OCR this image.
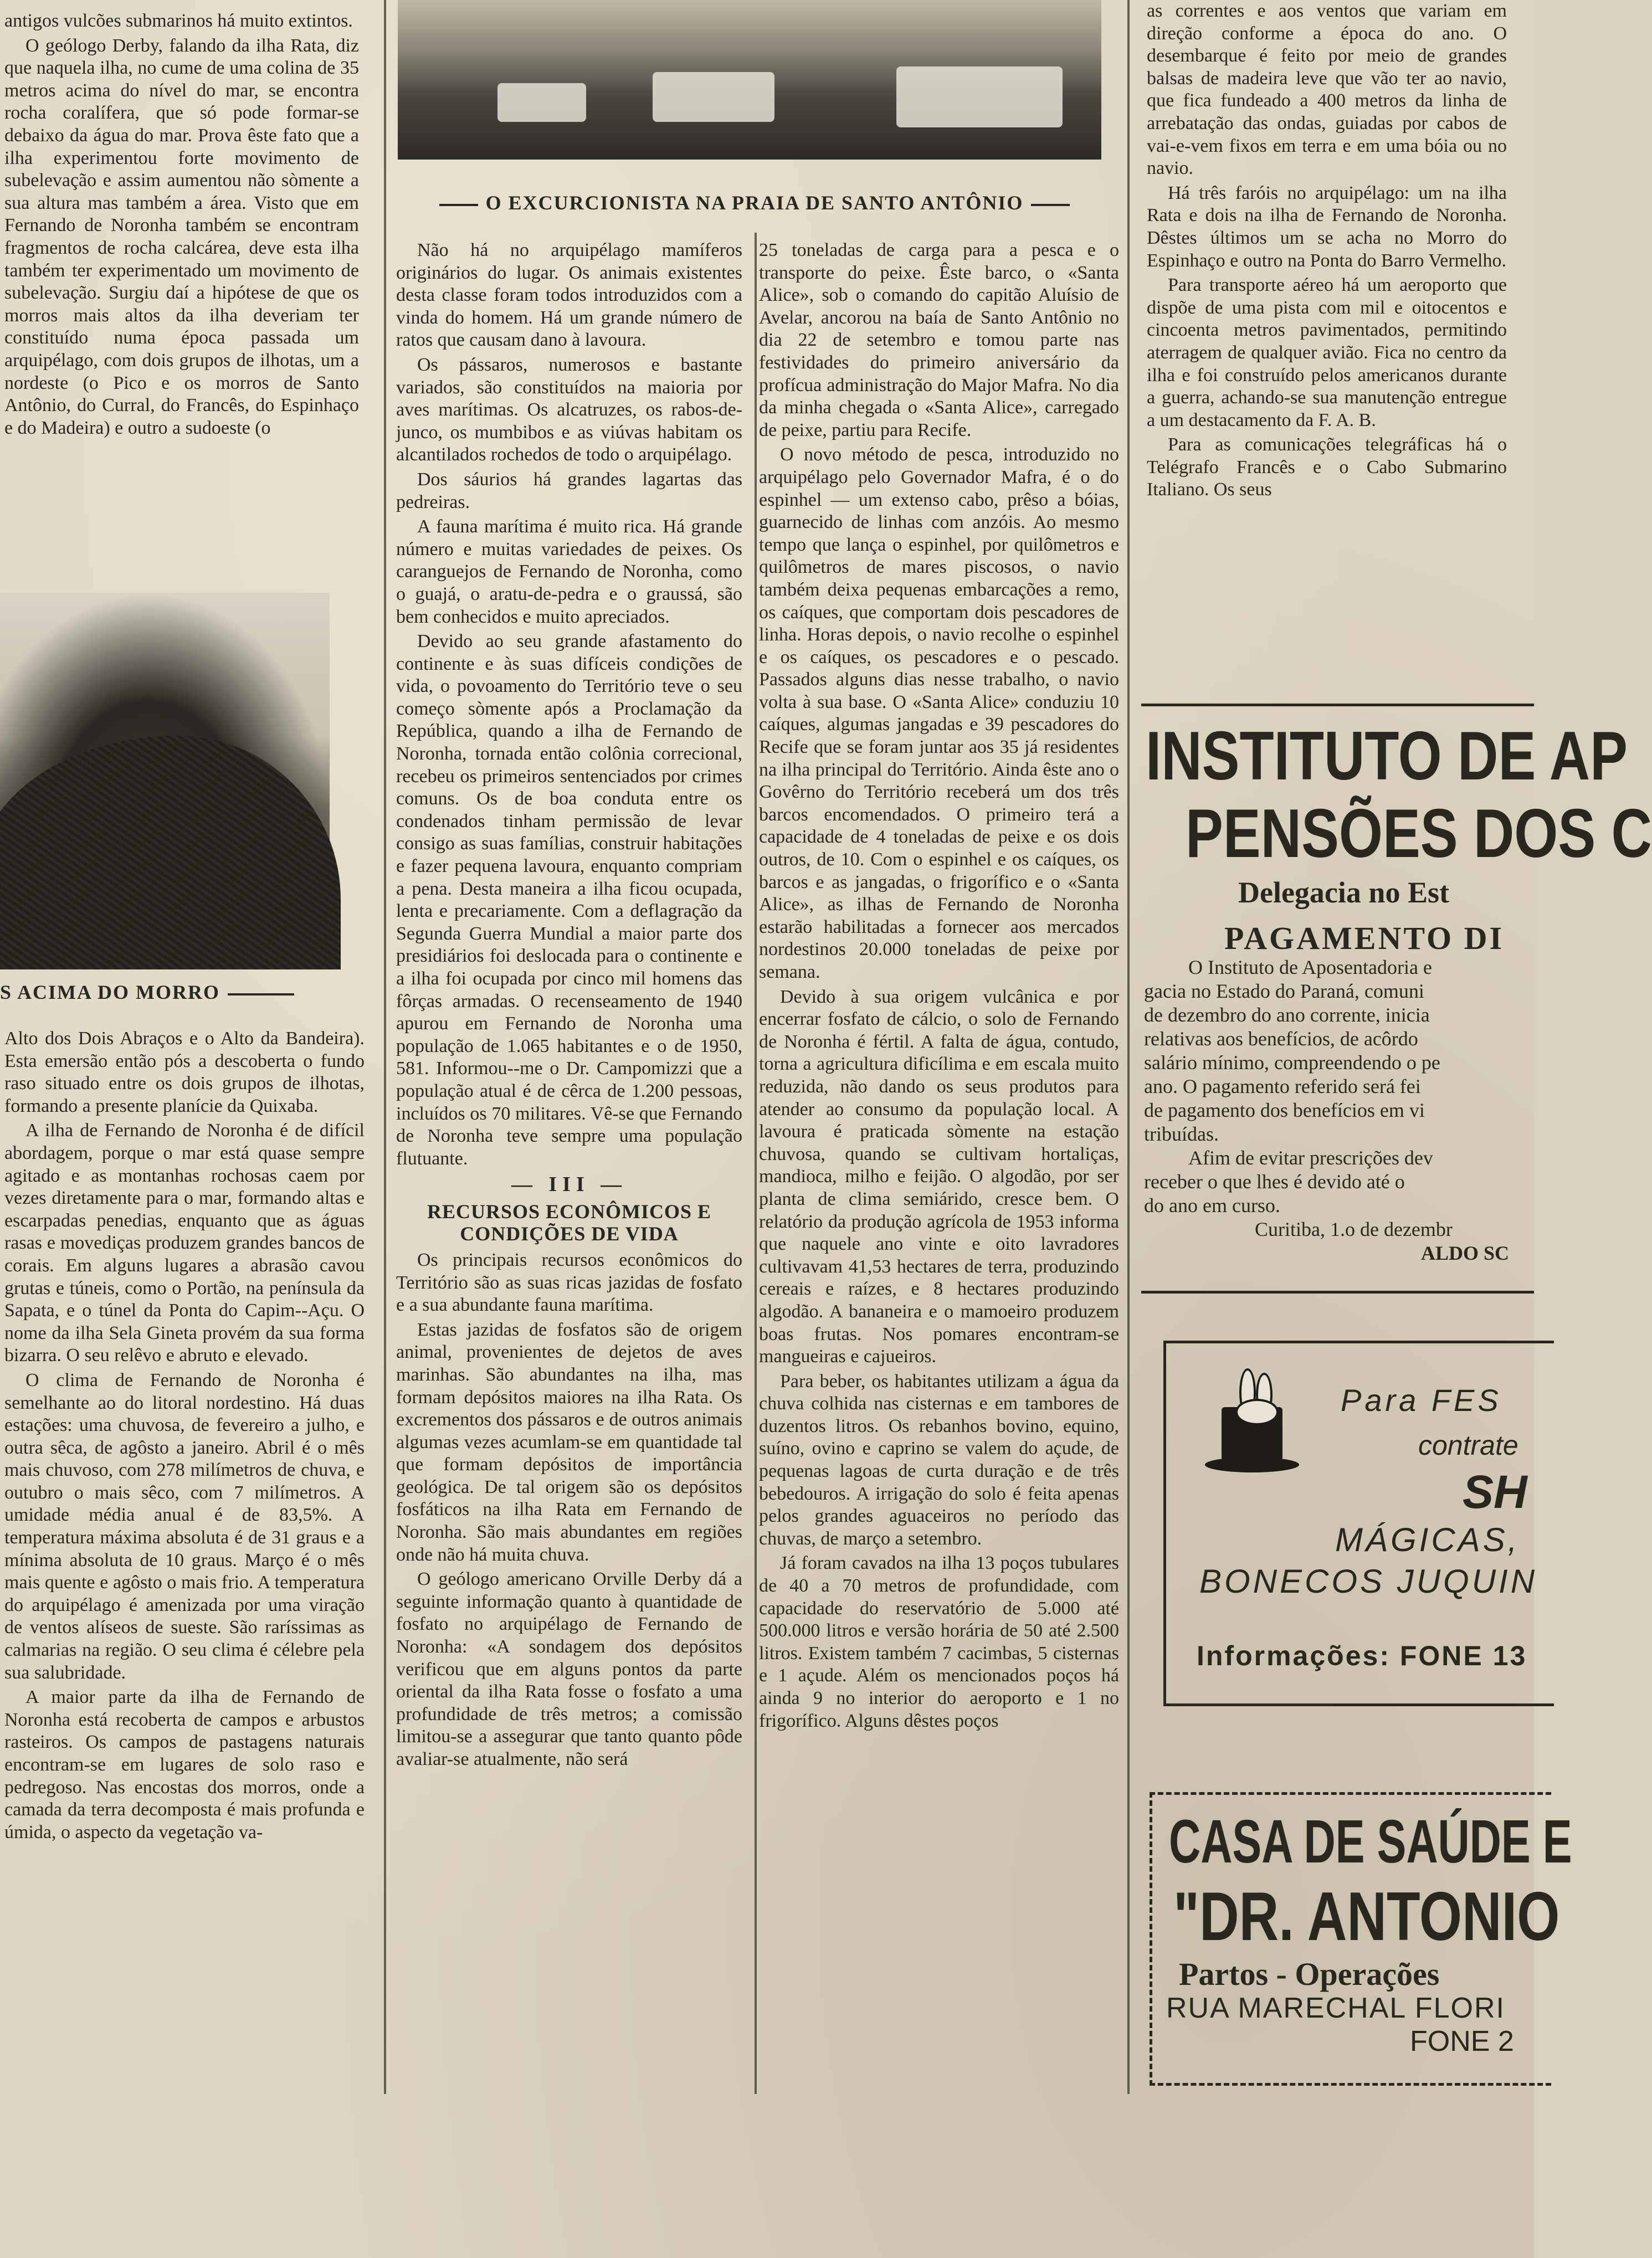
O EXCURCIONISTA NA PRAIA DE SANTO ANTÔNIO

antigos vulcões submarinos há muito extintos.

O geólogo Derby, falando da ilha Rata, diz que naquela ilha, no cume de uma colina de 35 metros acima do nível do mar, se encontra rocha coralífera, que só pode formar-se debaixo da água do mar. Prova êste fato que a ilha experimentou forte movimento de subelevação e assim aumentou não sòmente a sua altura mas também a área. Visto que em Fernando de Noronha também se encontram fragmentos de rocha calcárea, deve esta ilha também ter experimentado um movimento de subelevação. Surgiu daí a hipótese de que os morros mais altos da ilha deveriam ter constituído numa época passada um arquipélago, com dois grupos de ilhotas, um a nordeste (o Pico e os morros de Santo Antônio, do Curral, do Francês, do Espinhaço e do Madeira) e outro a sudoeste (o

S ACIMA DO MORRO

Alto dos Dois Abraços e o Alto da Bandeira). Esta emersão então pós a descoberta o fundo raso situado entre os dois grupos de ilhotas, formando a presente planície da Quixaba.

A ilha de Fernando de Noronha é de difícil abordagem, porque o mar está quase sempre agitado e as montanhas rochosas caem por vezes diretamente para o mar, formando altas e escarpadas penedias, enquanto que as águas rasas e movediças produzem grandes bancos de corais. Em alguns lugares a abrasão cavou grutas e túneis, como o Portão, na península da Sapata, e o túnel da Ponta do Capim--Açu. O nome da ilha Sela Gineta provém da sua forma bizarra. O seu relêvo e abruto e elevado.

O clima de Fernando de Noronha é semelhante ao do litoral nordestino. Há duas estações: uma chuvosa, de fevereiro a julho, e outra sêca, de agôsto a janeiro. Abril é o mês mais chuvoso, com 278 milímetros de chuva, e outubro o mais sêco, com 7 milímetros. A umidade média anual é de 83,5%. A temperatura máxima absoluta é de 31 graus e a mínima absoluta de 10 graus. Março é o mês mais quente e agôsto o mais frio. A temperatura do arquipélago é amenizada por uma viração de ventos alíseos de sueste. São raríssimas as calmarias na região. O seu clima é célebre pela sua salubridade.

A maior parte da ilha de Fernando de Noronha está recoberta de campos e arbustos rasteiros. Os campos de pastagens naturais encontram-se em lugares de solo raso e pedregoso. Nas encostas dos morros, onde a camada da terra decomposta é mais profunda e úmida, o aspecto da vegetação va-

Não há no arquipélago mamíferos originários do lugar. Os animais existentes desta classe foram todos introduzidos com a vinda do homem. Há um grande número de ratos que causam dano à lavoura.

Os pássaros, numerosos e bastante variados, são constituídos na maioria por aves marítimas. Os alcatruzes, os rabos-de-junco, os mumbibos e as viúvas habitam os alcantilados rochedos de todo o arquipélago.

Dos sáurios há grandes lagartas das pedreiras.

A fauna marítima é muito rica. Há grande número e muitas variedades de peixes. Os caranguejos de Fernando de Noronha, como o guajá, o aratu-de-pedra e o graussá, são bem conhecidos e muito apreciados.

Devido ao seu grande afastamento do continente e às suas difíceis condições de vida, o povoamento do Território teve o seu começo sòmente após a Proclamação da República, quando a ilha de Fernando de Noronha, tornada então colônia correcional, recebeu os primeiros sentenciados por crimes comuns. Os de boa conduta entre os condenados tinham permissão de levar consigo as suas famílias, construir habitações e fazer pequena lavoura, enquanto compriam a pena. Desta maneira a ilha ficou ocupada, lenta e precariamente. Com a deflagração da Segunda Guerra Mundial a maior parte dos presidiários foi deslocada para o continente e a ilha foi ocupada por cinco mil homens das fôrças armadas. O recenseamento de 1940 apurou em Fernando de Noronha uma população de 1.065 habitantes e o de 1950, 581. Informou--me o Dr. Campomizzi que a população atual é de cêrca de 1.200 pessoas, incluídos os 70 militares. Vê-se que Fernando de Noronha teve sempre uma população flutuante.

— III —
RECURSOS ECONÔMICOS E CONDIÇÕES DE VIDA

Os principais recursos econômicos do Território são as suas ricas jazidas de fosfato e a sua abundante fauna marítima.

Estas jazidas de fosfatos são de origem animal, provenientes de dejetos de aves marinhas. São abundantes na ilha, mas formam depósitos maiores na ilha Rata. Os excrementos dos pássaros e de outros animais algumas vezes acumlam-se em quantidade tal que formam depósitos de importância geológica. De tal origem são os depósitos fosfáticos na ilha Rata em Fernando de Noronha. São mais abundantes em regiões onde não há muita chuva.

O geólogo americano Orville Derby dá a seguinte informação quanto à quantidade de fosfato no arquipélago de Fernando de Noronha: «A sondagem dos depósitos verificou que em alguns pontos da parte oriental da ilha Rata fosse o fosfato a uma profundidade de três metros; a comissão limitou-se a assegurar que tanto quanto pôde avaliar-se atualmente, não será

25 toneladas de carga para a pesca e o transporte do peixe. Êste barco, o «Santa Alice», sob o comando do capitão Aluísio de Avelar, ancorou na baía de Santo Antônio no dia 22 de setembro e tomou parte nas festividades do primeiro aniversário da profícua administração do Major Mafra. No dia da minha chegada o «Santa Alice», carregado de peixe, partiu para Recife.

O novo método de pesca, introduzido no arquipélago pelo Governador Mafra, é o do espinhel — um extenso cabo, prêso a bóias, guarnecido de linhas com anzóis. Ao mesmo tempo que lança o espinhel, por quilômetros e quilômetros de mares piscosos, o navio também deixa pequenas embarcações a remo, os caíques, que comportam dois pescadores de linha. Horas depois, o navio recolhe o espinhel e os caíques, os pescadores e o pescado. Passados alguns dias nesse trabalho, o navio volta à sua base. O «Santa Alice» conduziu 10 caíques, algumas jangadas e 39 pescadores do Recife que se foram juntar aos 35 já residentes na ilha principal do Território. Ainda êste ano o Govêrno do Território receberá um dos três barcos encomendados. O primeiro terá a capacidade de 4 toneladas de peixe e os dois outros, de 10. Com o espinhel e os caíques, os barcos e as jangadas, o frigorífico e o «Santa Alice», as ilhas de Fernando de Noronha estarão habilitadas a fornecer aos mercados nordestinos 20.000 toneladas de peixe por semana.

Devido à sua origem vulcânica e por encerrar fosfato de cálcio, o solo de Fernando de Noronha é fértil. A falta de água, contudo, torna a agricultura dificílima e em escala muito reduzida, não dando os seus produtos para atender ao consumo da população local. A lavoura é praticada sòmente na estação chuvosa, quando se cultivam hortaliças, mandioca, milho e feijão. O algodão, por ser planta de clima semiárido, cresce bem. O relatório da produção agrícola de 1953 informa que naquele ano vinte e oito lavradores cultivavam 41,53 hectares de terra, produzindo cereais e raízes, e 8 hectares produzindo algodão. A bananeira e o mamoeiro produzem boas frutas. Nos pomares encontram-se mangueiras e cajueiros.

Para beber, os habitantes utilizam a água da chuva colhida nas cisternas e em tambores de duzentos litros. Os rebanhos bovino, equino, suíno, ovino e caprino se valem do açude, de pequenas lagoas de curta duração e de três bebedouros. A irrigação do solo é feita apenas pelos grandes aguaceiros no período das chuvas, de março a setembro.

Já foram cavados na ilha 13 poços tubulares de 40 a 70 metros de profundidade, com capacidade do reservatório de 5.000 até 500.000 litros e versão horária de 50 até 2.500 litros. Existem também 7 cacimbas, 5 cisternas e 1 açude. Além os mencionados poços há ainda 9 no interior do aeroporto e 1 no frigorífico. Alguns dêstes poços

as correntes e aos ventos que variam em direção conforme a época do ano. O desembarque é feito por meio de grandes balsas de madeira leve que vão ter ao navio, que fica fundeado a 400 metros da linha de arrebatação das ondas, guiadas por cabos de vai-e-vem fixos em terra e em uma bóia ou no navio.

Há três faróis no arquipélago: um na ilha Rata e dois na ilha de Fernando de Noronha. Dêstes últimos um se acha no Morro do Espinhaço e outro na Ponta do Barro Vermelho.

Para transporte aéreo há um aeroporto que dispõe de uma pista com mil e oitocentos e cincoenta metros pavimentados, permitindo aterragem de qualquer avião. Fica no centro da ilha e foi construído pelos americanos durante a guerra, achando-se sua manutenção entregue a um destacamento da F. A. B.

Para as comunicações telegráficas há o Telégrafo Francês e o Cabo Submarino Italiano. Os seus

INSTITUTO DE AP
PENSÕES DOS C
Delegacia no Est
PAGAMENTO DI
O Instituto de Aposentadoria e
gacia no Estado do Paraná, comuni
de dezembro do ano corrente, inicia
relativas aos benefícios, de acôrdo
salário mínimo, compreendendo o pe
ano. O pagamento referido será fei
de pagamento dos benefícios em vi
tribuídas.
Afim de evitar prescrições dev
receber o que lhes é devido até o
do ano em curso.
Curitiba, 1.o de dezembr
ALDO SC
Para FES
contrate
SH
MÁGICAS,
BONECOS JUQUIN
Informações: FONE 13
CASA DE SAÚDE E
"DR. ANTONIO
Partos - Operações
RUA MARECHAL FLORI
FONE 2
